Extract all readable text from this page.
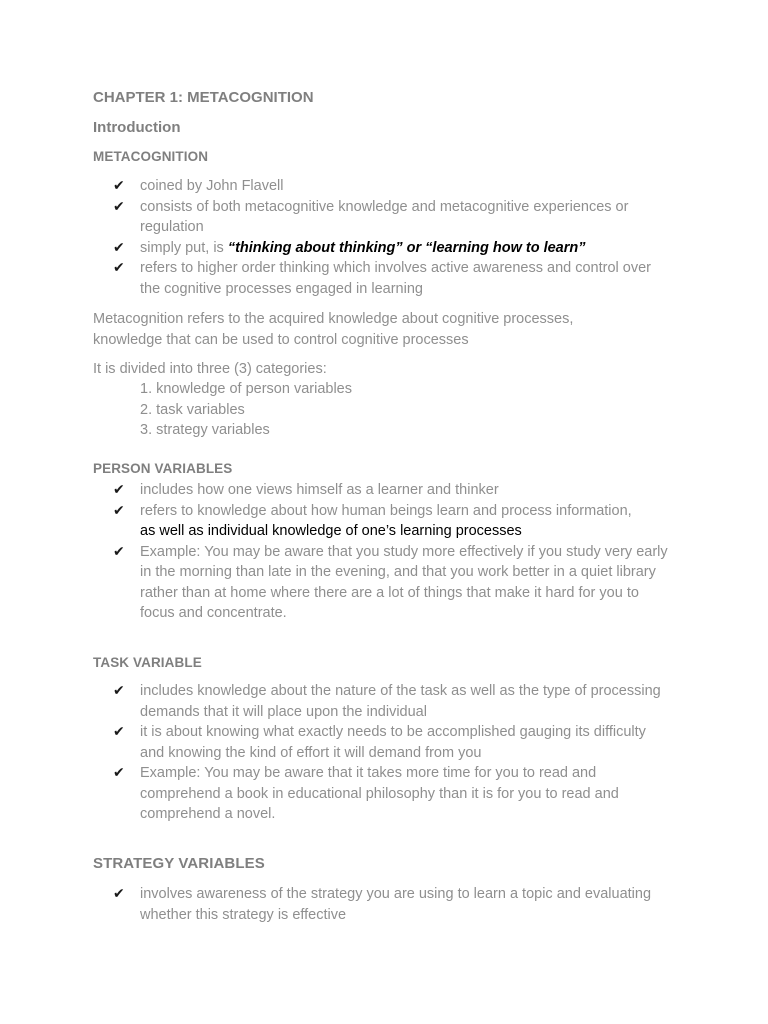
CHAPTER 1: METACOGNITION
Introduction
METACOGNITION
✔ coined by John Flavell
✔ consists of both metacognitive knowledge and metacognitive experiences or regulation
✔ simply put, is “thinking about thinking” or “learning how to learn”
✔ refers to higher order thinking which involves active awareness and control over the cognitive processes engaged in learning

Metacognition refers to the acquired knowledge about cognitive processes, knowledge that can be used to control cognitive processes

It is divided into three (3) categories:

1. knowledge of person variables
2. task variables
3. strategy variables
PERSON VARIABLES
✔ includes how one views himself as a learner and thinker
✔ refers to knowledge about how human beings learn and process information,
as well as individual knowledge of one’s learning processes
✔ Example: You may be aware that you study more effectively if you study very early in the morning than late in the evening, and that you work better in a quiet library rather than at home where there are a lot of things that make it hard for you to focus and concentrate.
TASK VARIABLE
✔ includes knowledge about the nature of the task as well as the type of processing demands that it will place upon the individual
✔ it is about knowing what exactly needs to be accomplished gauging its difficulty and knowing the kind of effort it will demand from you
✔ Example: You may be aware that it takes more time for you to read and comprehend a book in educational philosophy than it is for you to read and comprehend a novel.
STRATEGY VARIABLES
✔ involves awareness of the strategy you are using to learn a topic and evaluating whether this strategy is effective
